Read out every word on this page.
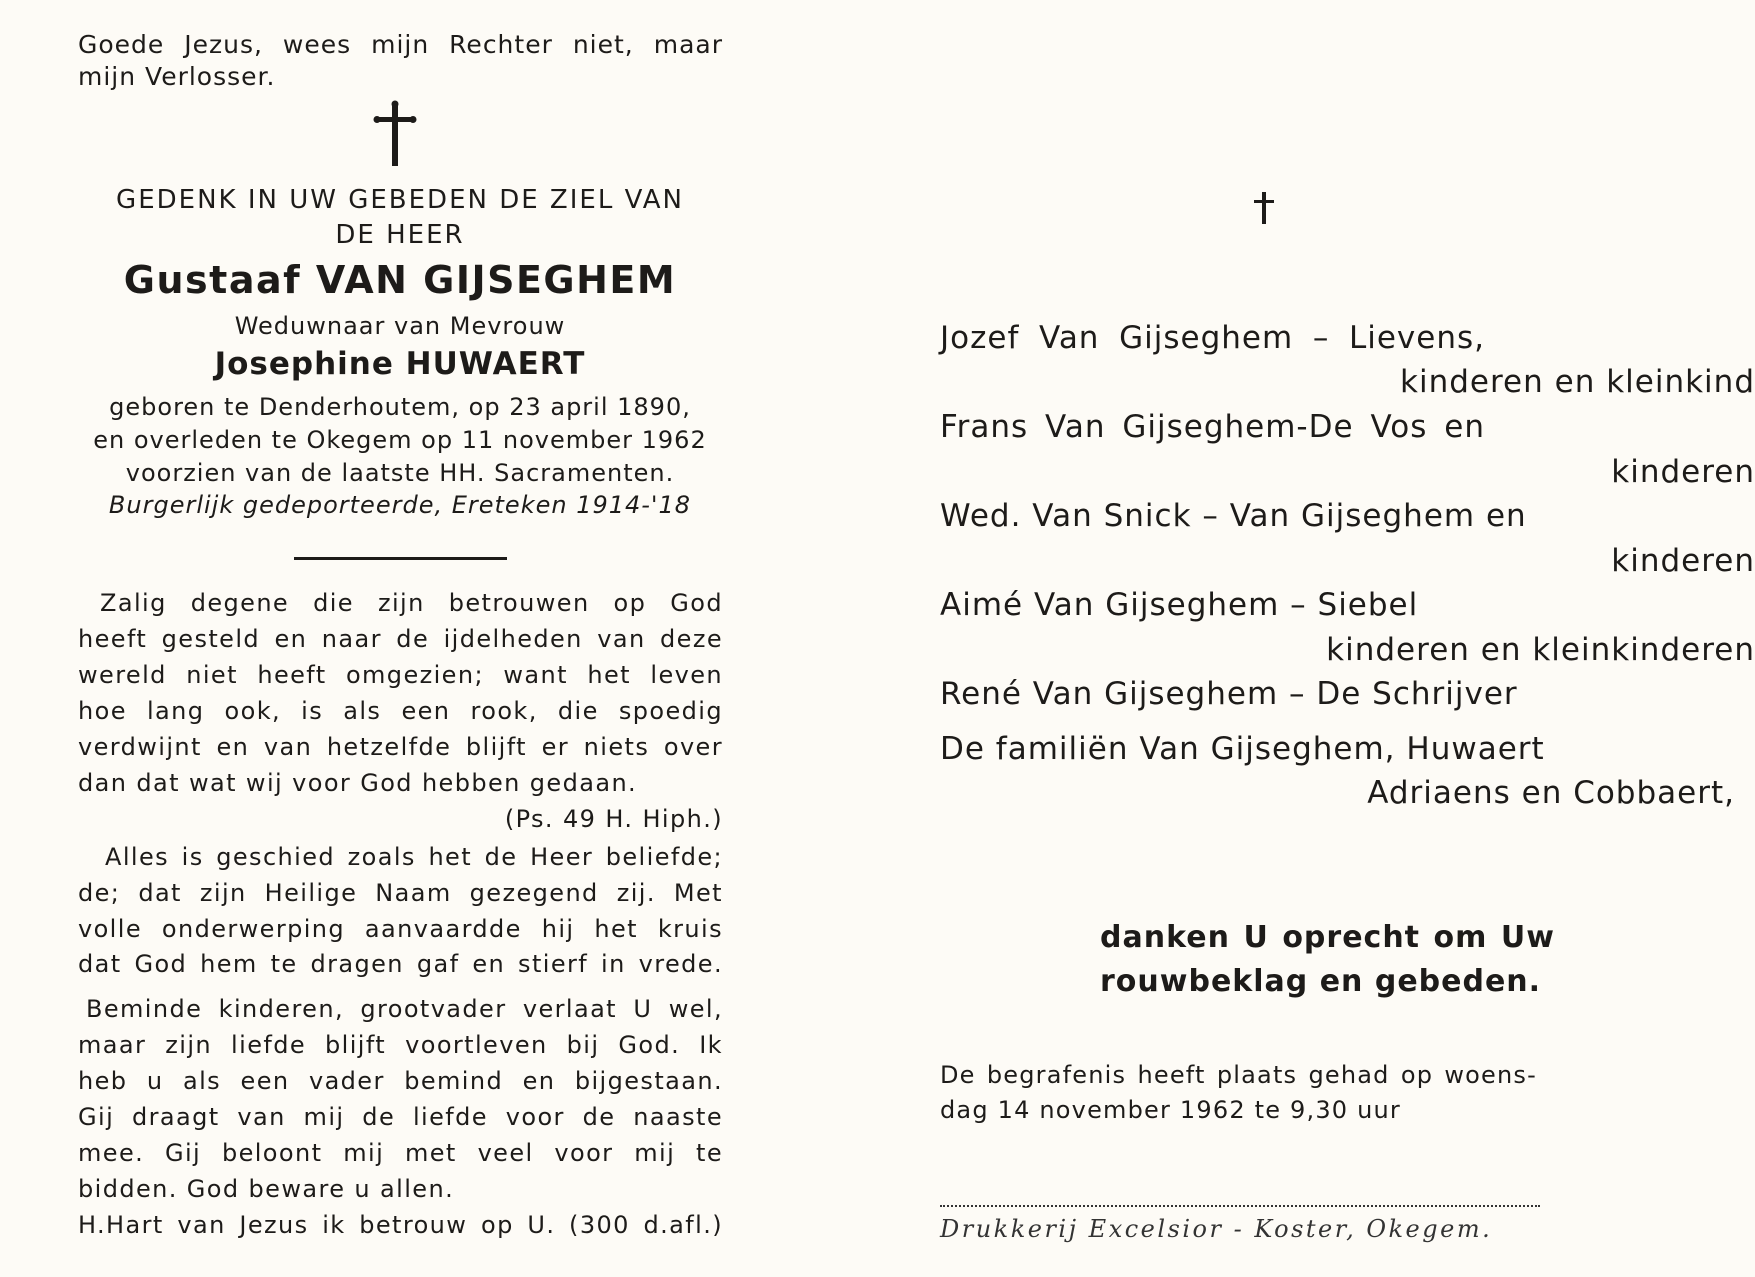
Goede Jezus, wees mijn Rechter niet, maar
mijn Verlosser.
GEDENK IN UW GEBEDEN DE ZIEL VAN
DE HEER
Gustaaf VAN GIJSEGHEM
Weduwnaar van Mevrouw
Josephine HUWAERT
geboren te Denderhoutem, op 23 april 1890,
en overleden te Okegem op 11 november 1962
voorzien van de laatste HH. Sacramenten.
Burgerlijk gedeporteerde, Ereteken 1914-'18
Zalig degene die zijn betrouwen op God
heeft gesteld en naar de ijdelheden van deze
wereld niet heeft omgezien; want het leven
hoe lang ook, is als een rook, die spoedig
verdwijnt en van hetzelfde blijft er niets over
dan dat wat wij voor God hebben gedaan.
(Ps. 49 H. Hiph.)
Alles is geschied zoals het de Heer beliefde;
de; dat zijn Heilige Naam gezegend zij. Met
volle onderwerping aanvaardde hij het kruis
dat God hem te dragen gaf en stierf in vrede.
Beminde kinderen, grootvader verlaat U wel,
maar zijn liefde blijft voortleven bij God. Ik
heb u als een vader bemind en bijgestaan.
Gij draagt van mij de liefde voor de naaste
mee. Gij beloont mij met veel voor mij te
bidden. God beware u allen.
H.Hart van Jezus ik betrouw op U. (300 d.afl.)
Jozef Van Gijseghem – Lievens,
kinderen en kleinkind
Frans Van Gijseghem-De Vos en
kinderen
Wed. Van Snick – Van Gijseghem en
kinderen
Aimé Van Gijseghem – Siebel
kinderen en kleinkinderen
René Van Gijseghem – De Schrijver
De familiën Van Gijseghem, Huwaert
Adriaens en Cobbaert,
danken U oprecht om Uw
rouwbeklag en gebeden.
De begrafenis heeft plaats gehad op woens-
dag 14 november 1962 te 9,30 uur
Drukkerij Excelsior - Koster, Okegem.
